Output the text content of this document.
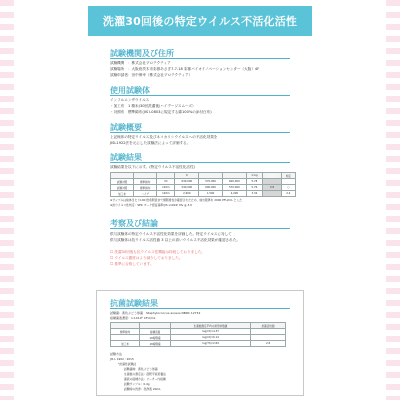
洗濯30回後の特定ウイルス不活化活性
試験機関及び住所
試験機関　：株式会社プロテクティア
試験場所　：大阪府茨木市彩都あさぎ7-7-18 彩都バイオイノベーションセンター（大阪）4F
試験申請者：田中伸幸（株式会社プロテクティア）
使用試験体
インフルエンザウイルス
・加工布　1 精米(30回洗濯後/ハイデージスムーズ）
・対照布　標準綿布(JIS L0803に規定する綿100%の添付白布)
試験概要
上記検体の特定ウイルス及びネコカリシウイルスへの不活化効果を
JISL1922法を元にした試験法によって評価する。
試験結果
試験結果を以下に示す。(特定ウイルス不活性化活性)
			0			1 log	活性値	判定
試験対照	標準綿布	0h	630,000	570,000	600,000	5.78		
試験対照	標準綿布	120m	540,000	600,000	570,000	5.76	3.8	○
加工布	ハイデ	120m	2,900	1,500	2,200	3.34		2.4
※サンプルは検体当たり100 倍希釈液まで細胞毒性が確認されたため、検出限界を 2000 PFU/mL とした
※抗ウイルス性判定：SEK マーク認証基準(JIS L1922) Mv ≧ 3.0
考察及び結論
供与試験体の特定ウイルス不活性化効果を評価した。特定ウイルスに対して
供与試験体は抗ウイルス活性値 3 以上の高いウイルス不活化効果が確認された。
☐ 洗濯30回後も抗ウイルス性機能は持続しておりました。
☐ ウイルス濃度はより減少しておりました。
☐ 基準に合格しています。
抗菌試験結果
試験菌：黄色ぶどう球菌　Staphylococcus aureus NBRC 12732
接種菌液濃度：1.1X10⁵ CFU/mL
		生菌数測定平均の常用対数値	抗菌活性値
標準綿布	接種直後	log(Ct)=4.37	
	18時間後	log(Ct)=6.14	
加工布	18時間後	log(Tt)=2.84	2.8
試験方法
JIS L 1902 : 2015
*抗菌性試験法
試験菌株：黄色ぶどう球菌
生菌数の測定法：混釈平板培養法
菌液の接種方法：ビーカー内接種
試験サンプル：0.4g
試験時の洗浄：洗浄液 20mL
